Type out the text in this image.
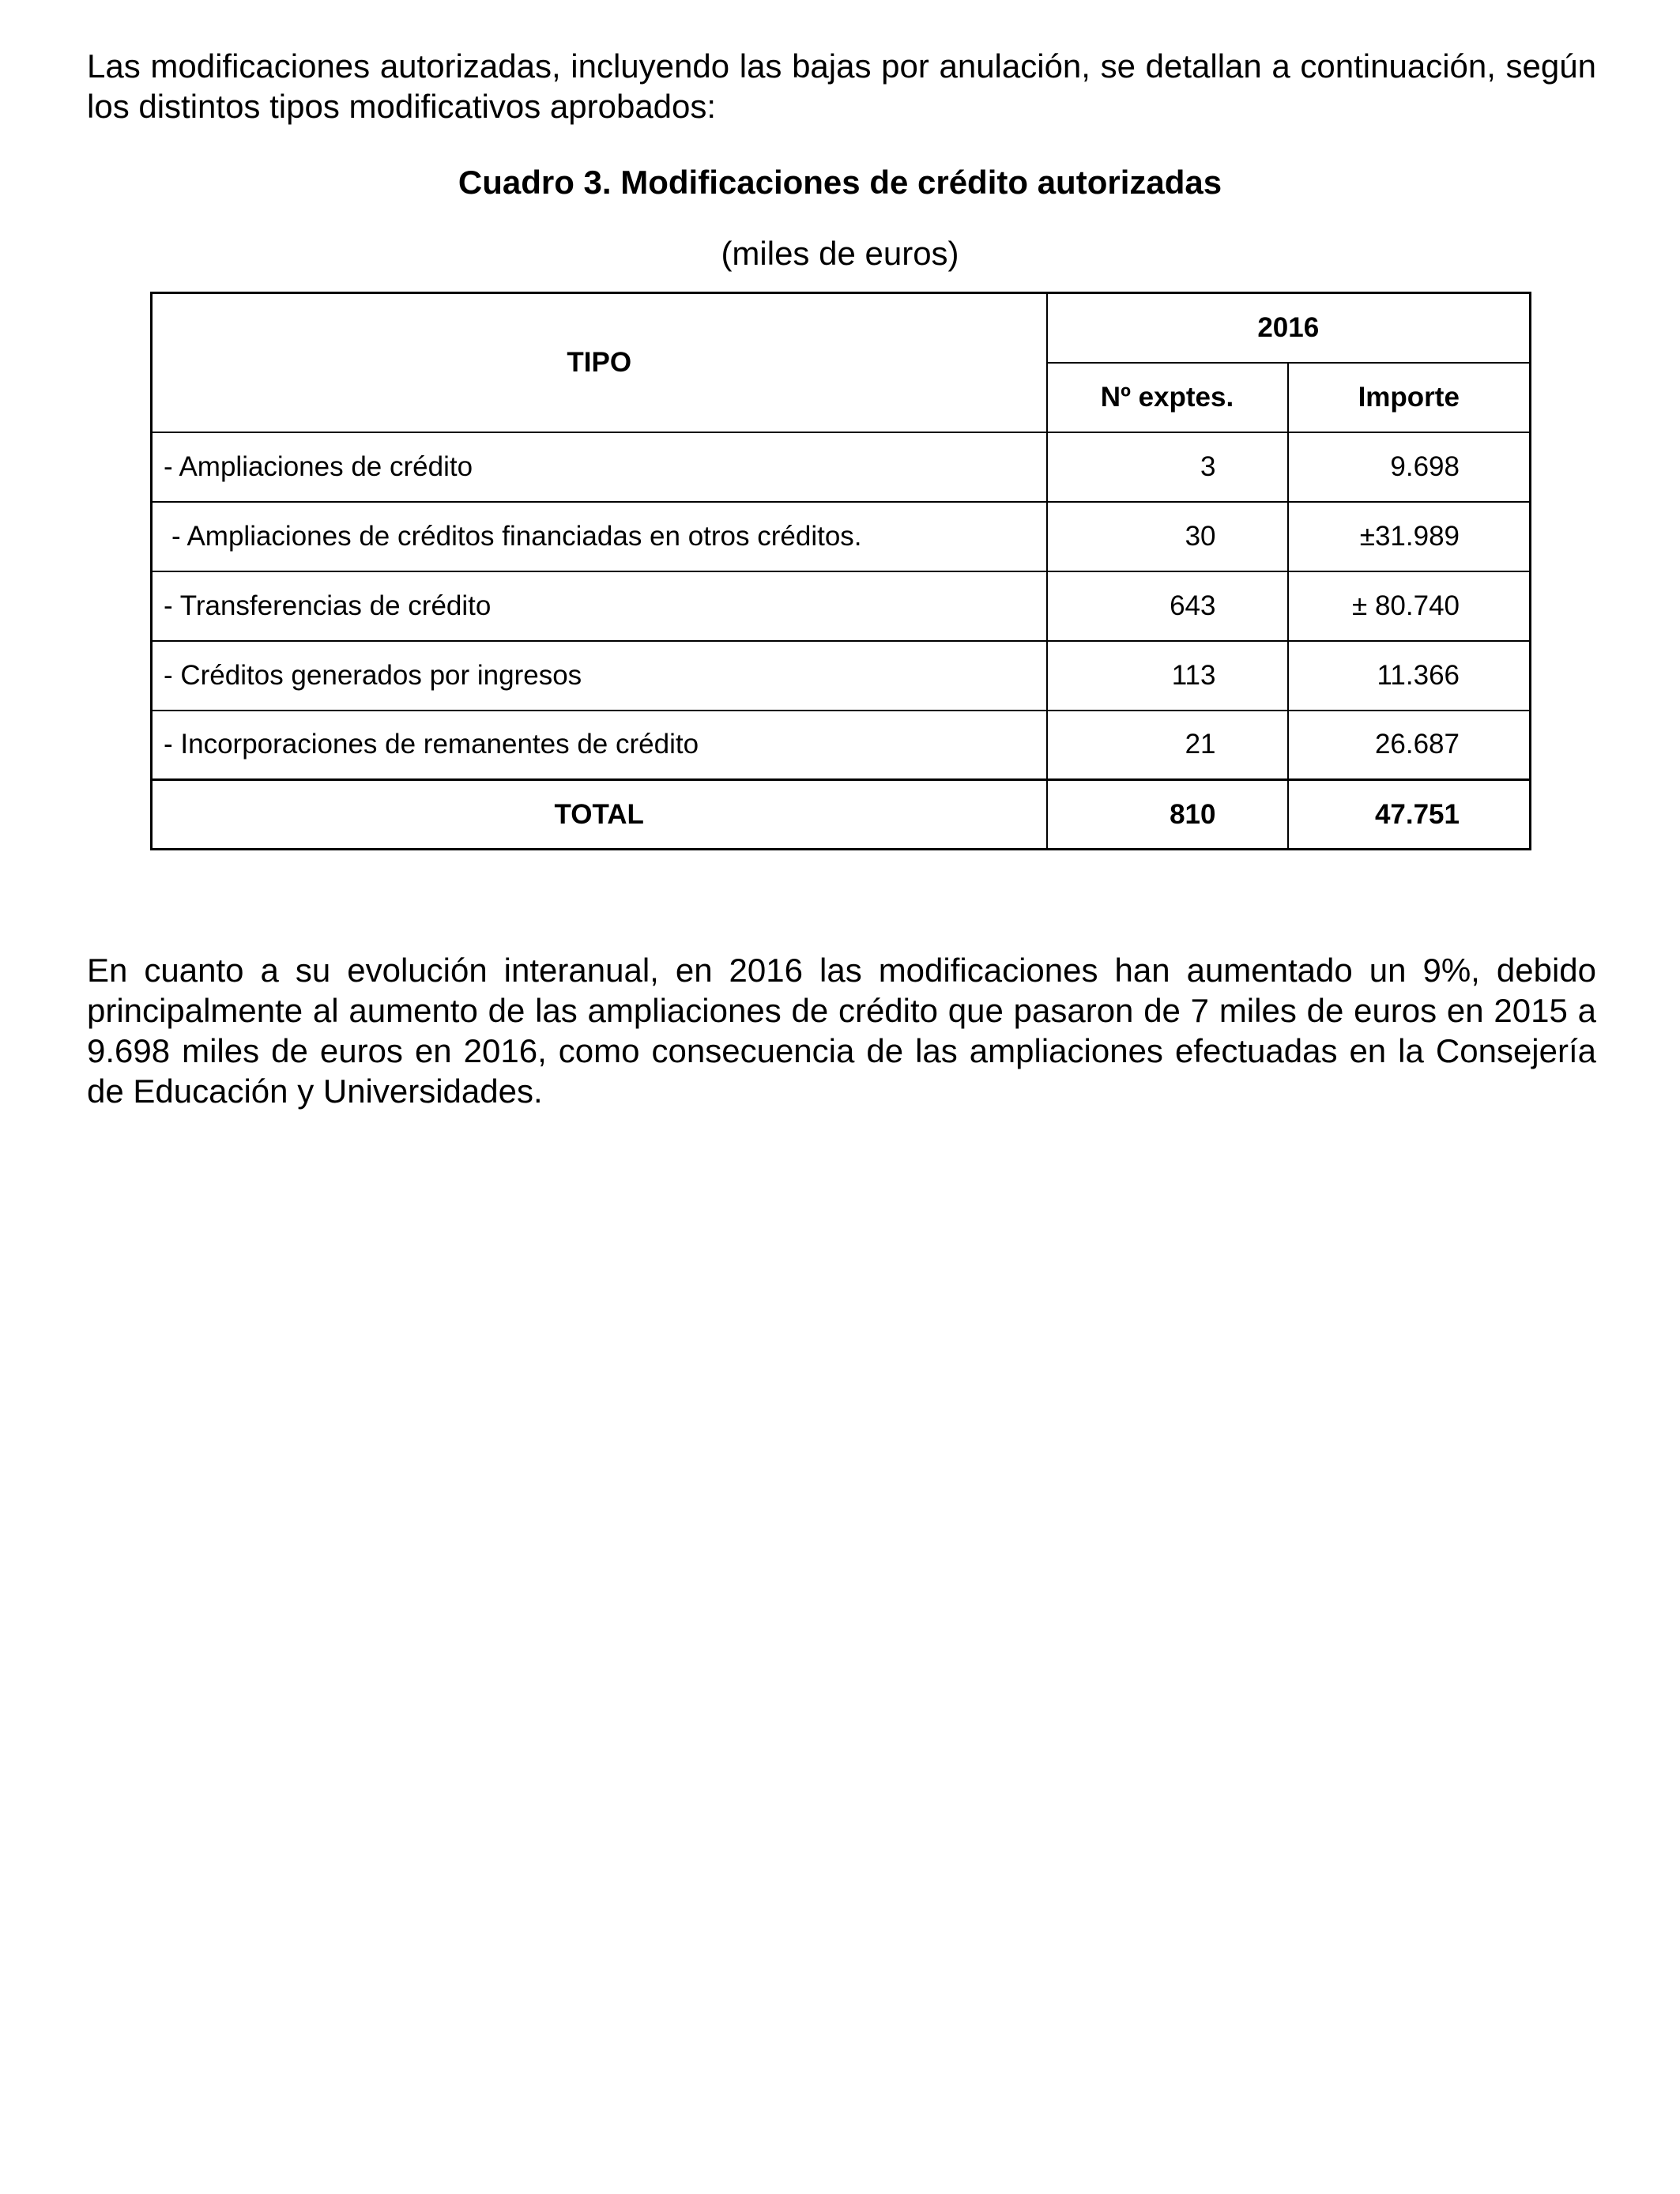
Las modificaciones autorizadas, incluyendo las bajas por anulación, se detallan a continuación, según los distintos tipos modificativos aprobados:

Cuadro 3. Modificaciones de crédito autorizadas
(miles de euros)
TIPO	2016	
	Nº exptes.	Importe
- Ampliaciones de crédito	3	9.698
- Ampliaciones de créditos financiadas en otros créditos.	30	±31.989
- Transferencias de crédito	643	± 80.740
- Créditos generados por ingresos	113	11.366
- Incorporaciones de remanentes de crédito	21	26.687
TOTAL	810	47.751

En cuanto a su evolución interanual, en 2016 las modificaciones han aumentado un 9%, debido principalmente al aumento de las ampliaciones de crédito que pasaron de 7 miles de euros en 2015 a 9.698 miles de euros en 2016, como consecuencia de las ampliaciones efectuadas en la Consejería de Educación y Universidades.
